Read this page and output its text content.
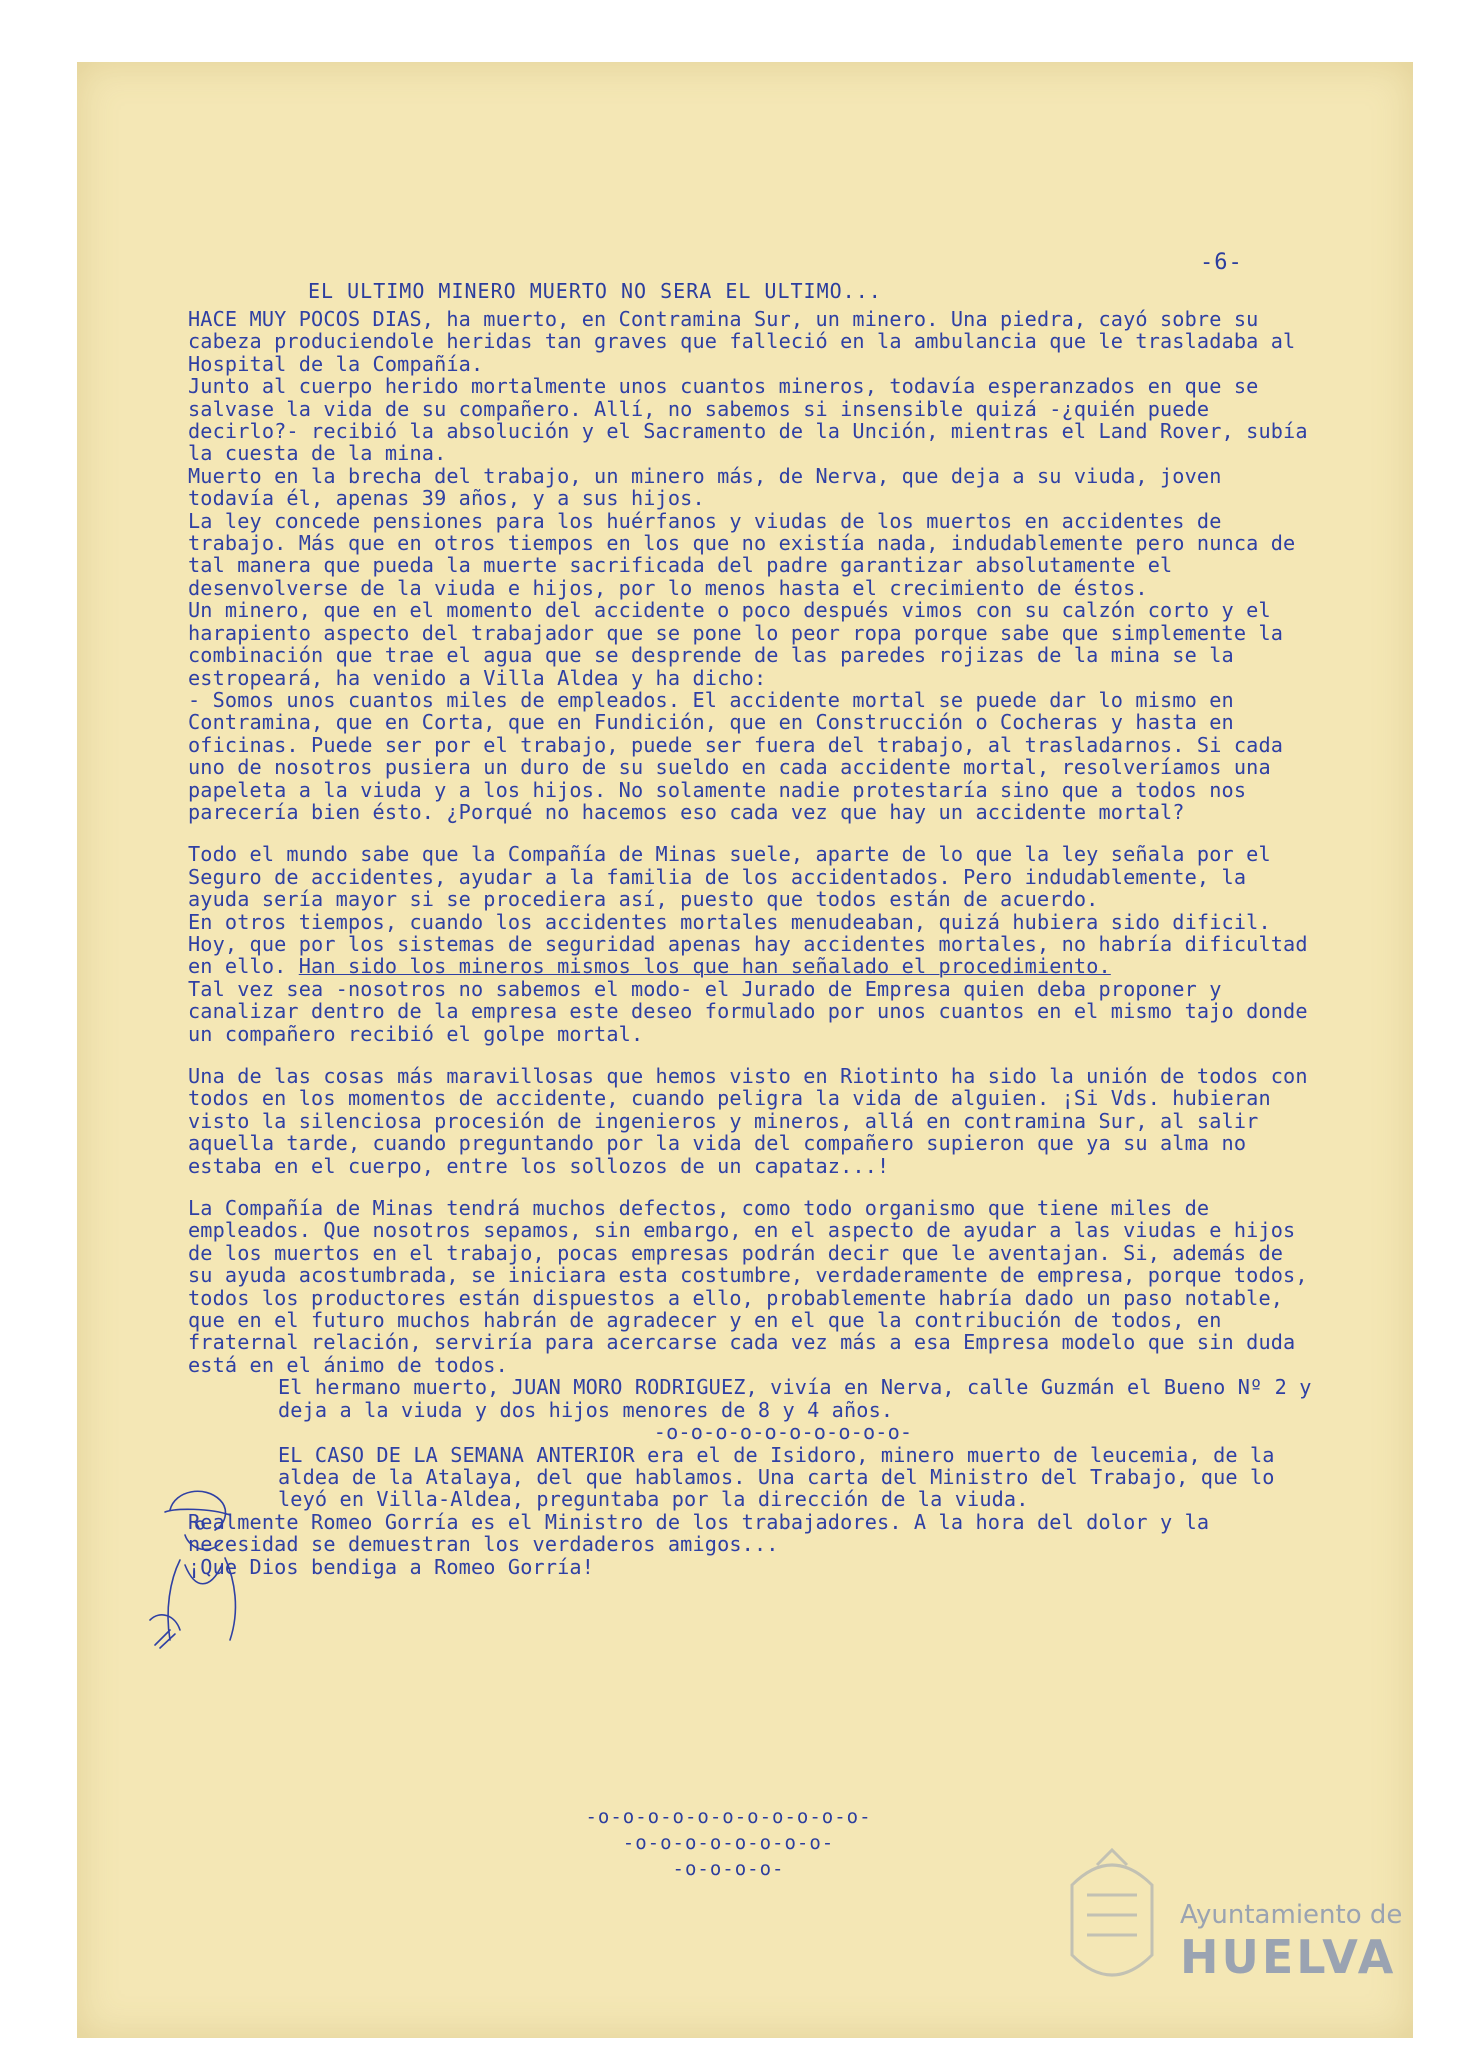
-6-
EL ULTIMO MINERO MUERTO NO SERA EL ULTIMO...

HACE MUY POCOS DIAS, ha muerto, en Contramina Sur, un minero. Una piedra, cayó sobre su cabeza produciendole heridas tan graves que falleció en la ambulancia que le trasladaba al Hospital de la Compañía.

Junto al cuerpo herido mortalmente unos cuantos mineros, todavía esperanzados en que se salvase la vida de su compañero. Allí, no sabemos si insensible quizá -¿quién puede decirlo?- recibió la absolución y el Sacramento de la Unción, mientras el Land Rover, subía la cuesta de la mina.

Muerto en la brecha del trabajo, un minero más, de Nerva, que deja a su viuda, joven todavía él, apenas 39 años, y a sus hijos.

La ley concede pensiones para los huérfanos y viudas de los muertos en accidentes de trabajo. Más que en otros tiempos en los que no existía nada, indudablemente pero nunca de tal manera que pueda la muerte sacrificada del padre garantizar absolutamente el desenvolverse de la viuda e hijos, por lo menos hasta el crecimiento de éstos.

Un minero, que en el momento del accidente o poco después vimos con su calzón corto y el harapiento aspecto del trabajador que se pone lo peor ropa porque sabe que simplemente la combinación que trae el agua que se desprende de las paredes rojizas de la mina se la estropeará, ha venido a Villa Aldea y ha dicho:

- Somos unos cuantos miles de empleados. El accidente mortal se puede dar lo mismo en Contramina, que en Corta, que en Fundición, que en Construcción o Cocheras y hasta en oficinas. Puede ser por el trabajo, puede ser fuera del trabajo, al trasladarnos. Si cada uno de nosotros pusiera un duro de su sueldo en cada accidente mortal, resolveríamos una papeleta a la viuda y a los hijos. No solamente nadie protestaría sino que a todos nos parecería bien ésto. ¿Porqué no hacemos eso cada vez que hay un accidente mortal?

Todo el mundo sabe que la Compañía de Minas suele, aparte de lo que la ley señala por el Seguro de accidentes, ayudar a la familia de los accidentados. Pero indudablemente, la ayuda sería mayor si se procediera así, puesto que todos están de acuerdo.

En otros tiempos, cuando los accidentes mortales menudeaban, quizá hubiera sido dificil.

Hoy, que por los sistemas de seguridad apenas hay accidentes mortales, no habría dificultad en ello. Han sido los mineros mismos los que han señalado el procedimiento.

Tal vez sea -nosotros no sabemos el modo- el Jurado de Empresa quien deba proponer y canalizar dentro de la empresa este deseo formulado por unos cuantos en el mismo tajo donde un compañero recibió el golpe mortal.

Una de las cosas más maravillosas que hemos visto en Riotinto ha sido la unión de todos con todos en los momentos de accidente, cuando peligra la vida de alguien. ¡Si Vds. hubieran visto la silenciosa procesión de ingenieros y mineros, allá en contramina Sur, al salir aquella tarde, cuando preguntando por la vida del compañero supieron que ya su alma no estaba en el cuerpo, entre los sollozos de un capataz...!

La Compañía de Minas tendrá muchos defectos, como todo organismo que tiene miles de empleados. Que nosotros sepamos, sin embargo, en el aspecto de ayudar a las viudas e hijos de los muertos en el trabajo, pocas empresas podrán decir que le aventajan. Si, además de su ayuda acostumbrada, se iniciara esta costumbre, verdaderamente de empresa, porque todos, todos los productores están dispuestos a ello, probablemente habría dado un paso notable, que en el futuro muchos habrán de agradecer y en el que la contribución de todos, en fraternal relación, serviría para acercarse cada vez más a esa Empresa modelo que sin duda está en el ánimo de todos.

El hermano muerto, JUAN MORO RODRIGUEZ, vivía en Nerva, calle Guzmán el Bueno Nº 2 y deja a la viuda y dos hijos menores de 8 y 4 años.

-o-o-o-o-o-o-o-o-o-o-

EL CASO DE LA SEMANA ANTERIOR era el de Isidoro, minero muerto de leucemia, de la aldea de la Atalaya, del que hablamos. Una carta del Ministro del Trabajo, que lo leyó en Villa-Aldea, preguntaba por la dirección de la viuda.

Realmente Romeo Gorría es el Ministro de los trabajadores. A la hora del dolor y la necesidad se demuestran los verdaderos amigos...

¡Que Dios bendiga a Romeo Gorría!

-o-o-o-o-o-o-o-o-o-o-o-
-o-o-o-o-o-o-o-o-
-o-o-o-o-
Ayuntamiento de
HUELVA
